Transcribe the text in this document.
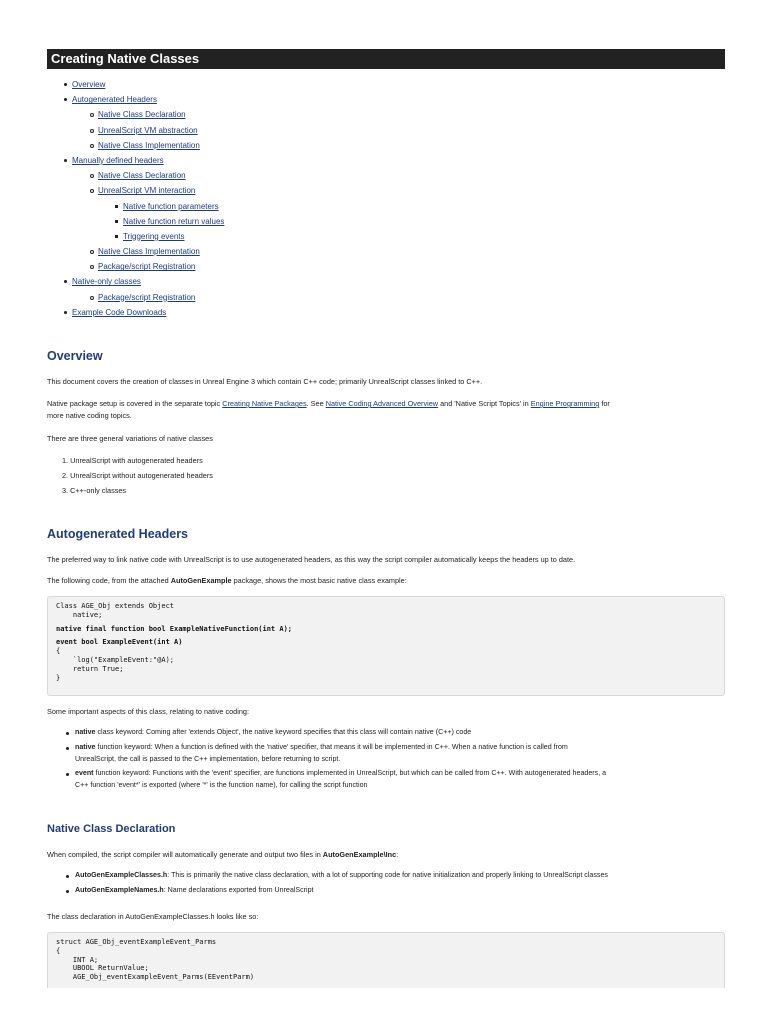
Creating Native Classes
Overview
Autogenerated Headers
Native Class Declaration
UnrealScript VM abstraction
Native Class Implementation
Manually defined headers
Native Class Declaration
UnrealScript VM interaction
Native function parameters
Native function return values
Triggering events
Native Class Implementation
Package/script Registration
Native-only classes
Package/script Registration
Example Code Downloads
Overview

This document covers the creation of classes in Unreal Engine 3 which contain C++ code; primarily UnrealScript classes linked to C++.

Native package setup is covered in the separate topic Creating Native Packages. See Native Coding Advanced Overview and 'Native Script Topics' in Engine Programming for
more native coding topics.

There are three general variations of native classes

1. UnrealScript with autogenerated headers
2. UnrealScript without autogenerated headers
3. C++-only classes
Autogenerated Headers

The preferred way to link native code with UnrealScript is to use autogenerated headers, as this way the script compiler automatically keeps the headers up to date.

The following code, from the attached AutoGenExample package, shows the most basic native class example:

Class AGE_Obj extends Object
native;
native final function bool ExampleNativeFunction(int A);
event bool ExampleEvent(int A)
{
`log("ExampleEvent:"@A);
return True;
}

Some important aspects of this class, relating to native coding:

native class keyword: Coming after 'extends Object', the native keyword specifies that this class will contain native (C++) code
native function keyword: When a function is defined with the 'native' specifier, that means it will be implemented in C++. When a native function is called from
UnrealScript, the call is passed to the C++ implementation, before returning to script.
event function keyword: Functions with the 'event' specifier, are functions implemented in UnrealScript, but which can be called from C++. With autogenerated headers, a
C++ function 'event*' is exported (where '*' is the function name), for calling the script function
Native Class Declaration

When compiled, the script compiler will automatically generate and output two files in AutoGenExample\Inc:

AutoGenExampleClasses.h: This is primarily the native class declaration, with a lot of supporting code for native initialization and properly linking to UnrealScript classes
AutoGenExampleNames.h: Name declarations exported from UnrealScript

The class declaration in AutoGenExampleClasses.h looks like so:

struct AGE_Obj_eventExampleEvent_Parms
{
INT A;
UBOOL ReturnValue;
AGE_Obj_eventExampleEvent_Parms(EEventParm)
